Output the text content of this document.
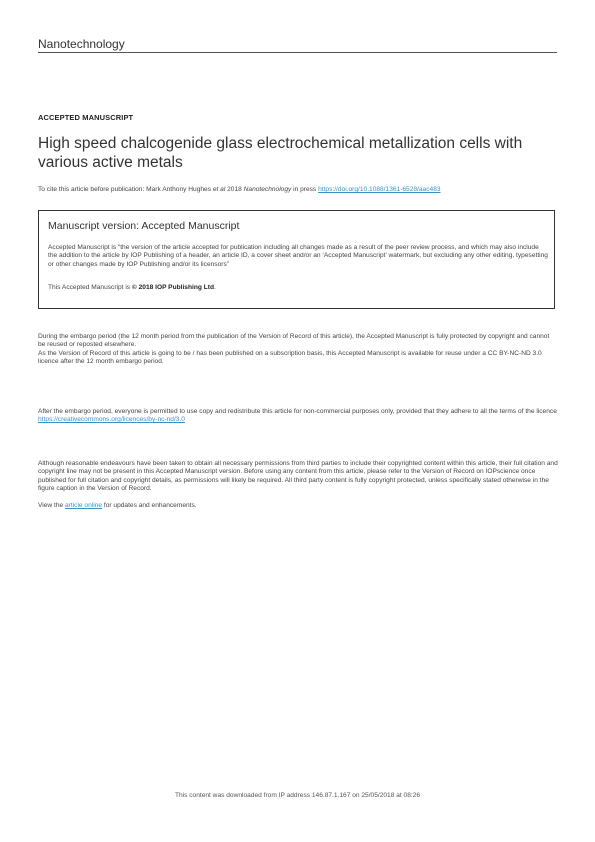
Nanotechnology
ACCEPTED MANUSCRIPT
High speed chalcogenide glass electrochemical metallization cells with various active metals
To cite this article before publication: Mark Anthony Hughes et al 2018 Nanotechnology in press https://doi.org/10.1088/1361-6528/aac483
Manuscript version: Accepted Manuscript
Accepted Manuscript is “the version of the article accepted for publication including all changes made as a result of the peer review process, and which may also include the addition to the article by IOP Publishing of a header, an article ID, a cover sheet and/or an ‘Accepted Manuscript’ watermark, but excluding any other editing, typesetting or other changes made by IOP Publishing and/or its licensors”
This Accepted Manuscript is © 2018 IOP Publishing Ltd.
During the embargo period (the 12 month period from the publication of the Version of Record of this article), the Accepted Manuscript is fully protected by copyright and cannot be reused or reposted elsewhere.
As the Version of Record of this article is going to be / has been published on a subscription basis, this Accepted Manuscript is available for reuse under a CC BY-NC-ND 3.0 licence after the 12 month embargo period.
After the embargo period, everyone is permitted to use copy and redistribute this article for non-commercial purposes only, provided that they adhere to all the terms of the licence https://creativecommons.org/licences/by-nc-nd/3.0
Although reasonable endeavours have been taken to obtain all necessary permissions from third parties to include their copyrighted content within this article, their full citation and copyright line may not be present in this Accepted Manuscript version. Before using any content from this article, please refer to the Version of Record on IOPscience once published for full citation and copyright details, as permissions will likely be required. All third party content is fully copyright protected, unless specifically stated otherwise in the figure caption in the Version of Record.
View the article online for updates and enhancements.
This content was downloaded from IP address 146.87.1.167 on 25/05/2018 at 08:26
